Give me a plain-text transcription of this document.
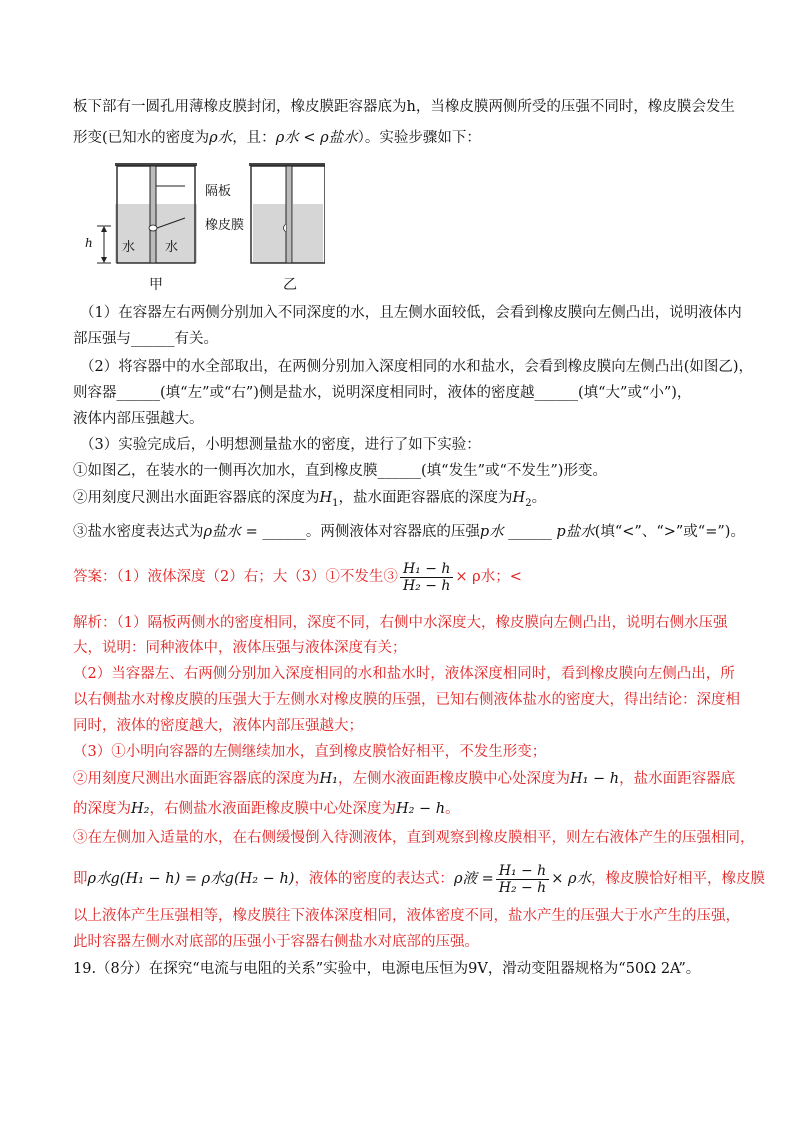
板下部有一圆孔用薄橡皮膜封闭，橡皮膜距容器底为h，当橡皮膜两侧所受的压强不同时，橡皮膜会发生
形变(已知水的密度为ρ水，且：ρ水 < ρ盐水）。实验步骤如下：
隔板
橡皮膜
h 水 水
甲	乙
（1）在容器左右两侧分别加入不同深度的水，且左侧水面较低，会看到橡皮膜向左侧凸出，说明液体内
部压强与______有关。
（2）将容器中的水全部取出，在两侧分别加入深度相同的水和盐水，会看到橡皮膜向左侧凸出(如图乙)，
则容器______(填“左”或“右”)侧是盐水，说明深度相同时，液体的密度越______(填“大”或“小”)，
液体内部压强越大。
（3）实验完成后，小明想测量盐水的密度，进行了如下实验：
①如图乙，在装水的一侧再次加水，直到橡皮膜______(填“发生”或“不发生”)形变。
②用刻度尺测出水面距容器底的深度为$H_1$，盐水面距容器底的深度为$H_2$。
③盐水密度表达式为ρ盐水 = ______。两侧液体对容器底的压强p水 ______ p盐水(填“<”、“>”或“=”)。
答案：（1）液体深度（2）右；大（3）①不发生③ $\frac{\text{H₁ − h}}{\text{H₂ − h}} \times \rho$水；<
解析：（1）隔板两侧水的密度相同，深度不同，右侧中水深度大，橡皮膜向左侧凸出，说明右侧水压强
大，说明：同种液体中，液体压强与液体深度有关；
（2）当容器左、右两侧分别加入深度相同的水和盐水时，液体深度相同时，看到橡皮膜向左侧凸出，所
以右侧盐水对橡皮膜的压强大于左侧水对橡皮膜的压强，已知右侧液体盐水的密度大，得出结论：深度相
同时，液体的密度越大，液体内部压强越大；
（3）①小明向容器的左侧继续加水，直到橡皮膜恰好相平，不发生形变；
②用刻度尺测出水面距容器底的深度为H₁，左侧水液面距橡皮膜中心处深度为H₁ − h，盐水面距容器底
的深度为H₂，右侧盐水液面距橡皮膜中心处深度为H₂ − h。
③在左侧加入适量的水，在右侧缓慢倒入待测液体，直到观察到橡皮膜相平，则左右液体产生的压强相同，
即ρ水g(H₁ − h) = ρ水g(H₂ − h)，液体的密度的表达式：ρ液 = $\frac{\text{H₁ − h}}{\text{H₂ − h}} \times \rho$水，橡皮膜恰好相平，橡皮膜
以上液体产生压强相等，橡皮膜往下液体深度相同，液体密度不同，盐水产生的压强大于水产生的压强，
此时容器左侧水对底部的压强小于容器右侧盐水对底部的压强。
19.（8分）在探究“电流与电阻的关系”实验中，电源电压恒为9V，滑动变阻器规格为“50Ω 2A”。
